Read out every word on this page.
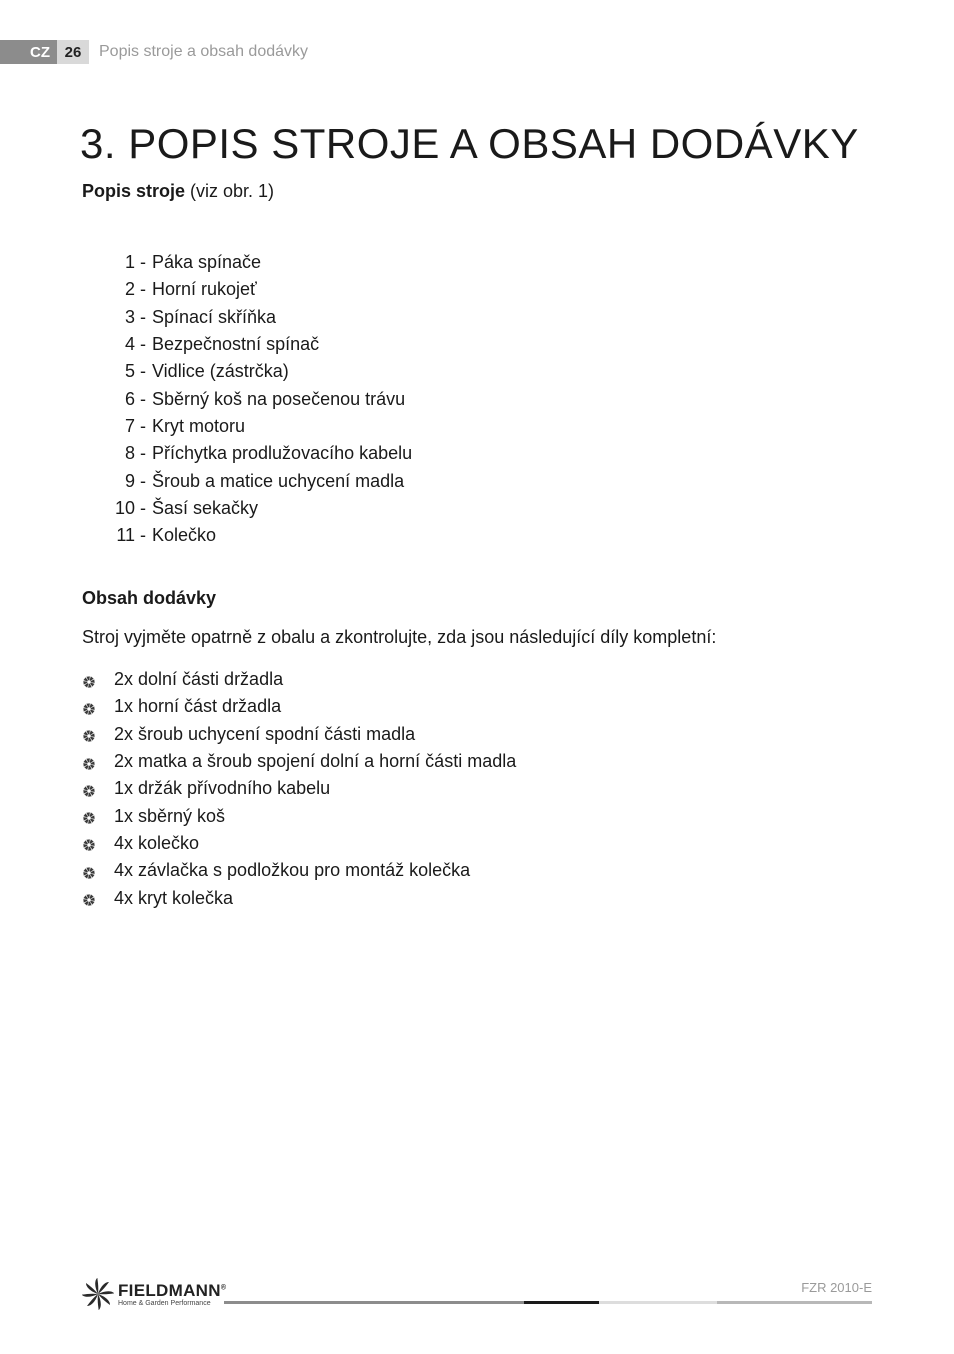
CZ 26	Popis stroje a obsah dodávky
3. POPIS STROJE A OBSAH DODÁVKY
Popis stroje (viz obr. 1)
1 - Páka spínače
2 - Horní rukojeť
3 - Spínací skříňka
4 - Bezpečnostní spínač
5 - Vidlice (zástrčka)
6 - Sběrný koš na posečenou trávu
7 - Kryt motoru
8 - Příchytka prodlužovacího kabelu
9 - Šroub a matice uchycení madla
10 - Šasí sekačky
11 - Kolečko
Obsah dodávky
Stroj vyjměte opatrně z obalu a zkontrolujte, zda jsou následující díly kompletní:
2x dolní části držadla
1x horní část držadla
2x šroub uchycení spodní části madla
2x matka a šroub spojení dolní a horní části madla
1x držák přívodního kabelu
1x sběrný koš
4x kolečko
4x závlačka s podložkou pro montáž kolečka
4x kryt kolečka
FIELDMANN®
Home & Garden Performance
FZR 2010-E
